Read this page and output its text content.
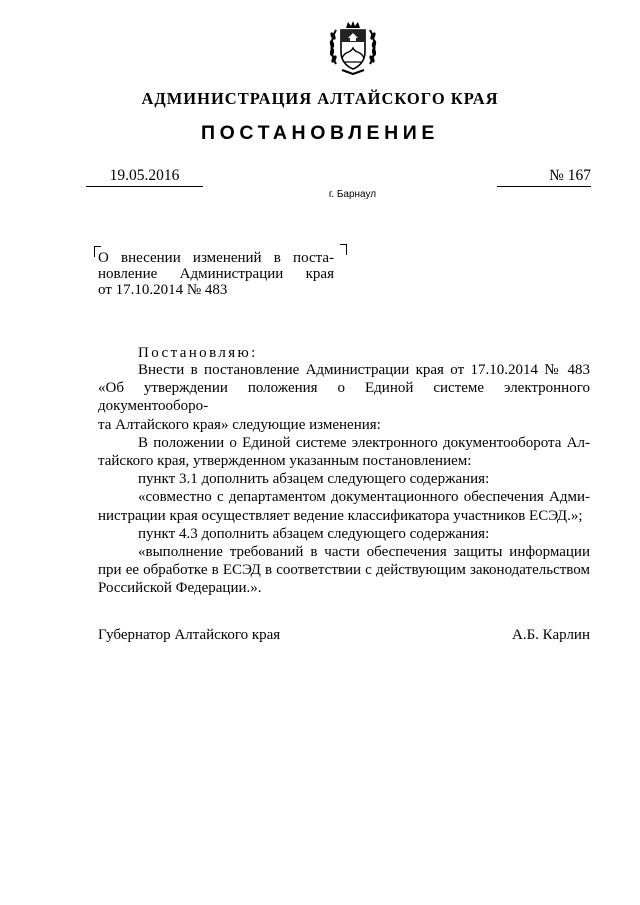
АДМИНИСТРАЦИЯ АЛТАЙСКОГО КРАЯ
ПОСТАНОВЛЕНИЕ
19.05.2016	№ 167
г. Барнаул
О внесении изменений в поста-
новление Администрации края
от 17.10.2014 № 483
Постановляю:
Внести в постановление Администрации края от 17.10.2014 № 483
«Об утверждении положения о Единой системе электронного документооборо-
та Алтайского края» следующие изменения:
В положении о Единой системе электронного документооборота Ал-
тайского края, утвержденном указанным постановлением:
пункт 3.1 дополнить абзацем следующего содержания:
«совместно с департаментом документационного обеспечения Адми-
нистрации края осуществляет ведение классификатора участников ЕСЭД.»;
пункт 4.3 дополнить абзацем следующего содержания:
«выполнение требований в части обеспечения защиты информации
при ее обработке в ЕСЭД в соответствии с действующим законодательством
Российской Федерации.».
Губернатор Алтайского края	А.Б. Карлин
